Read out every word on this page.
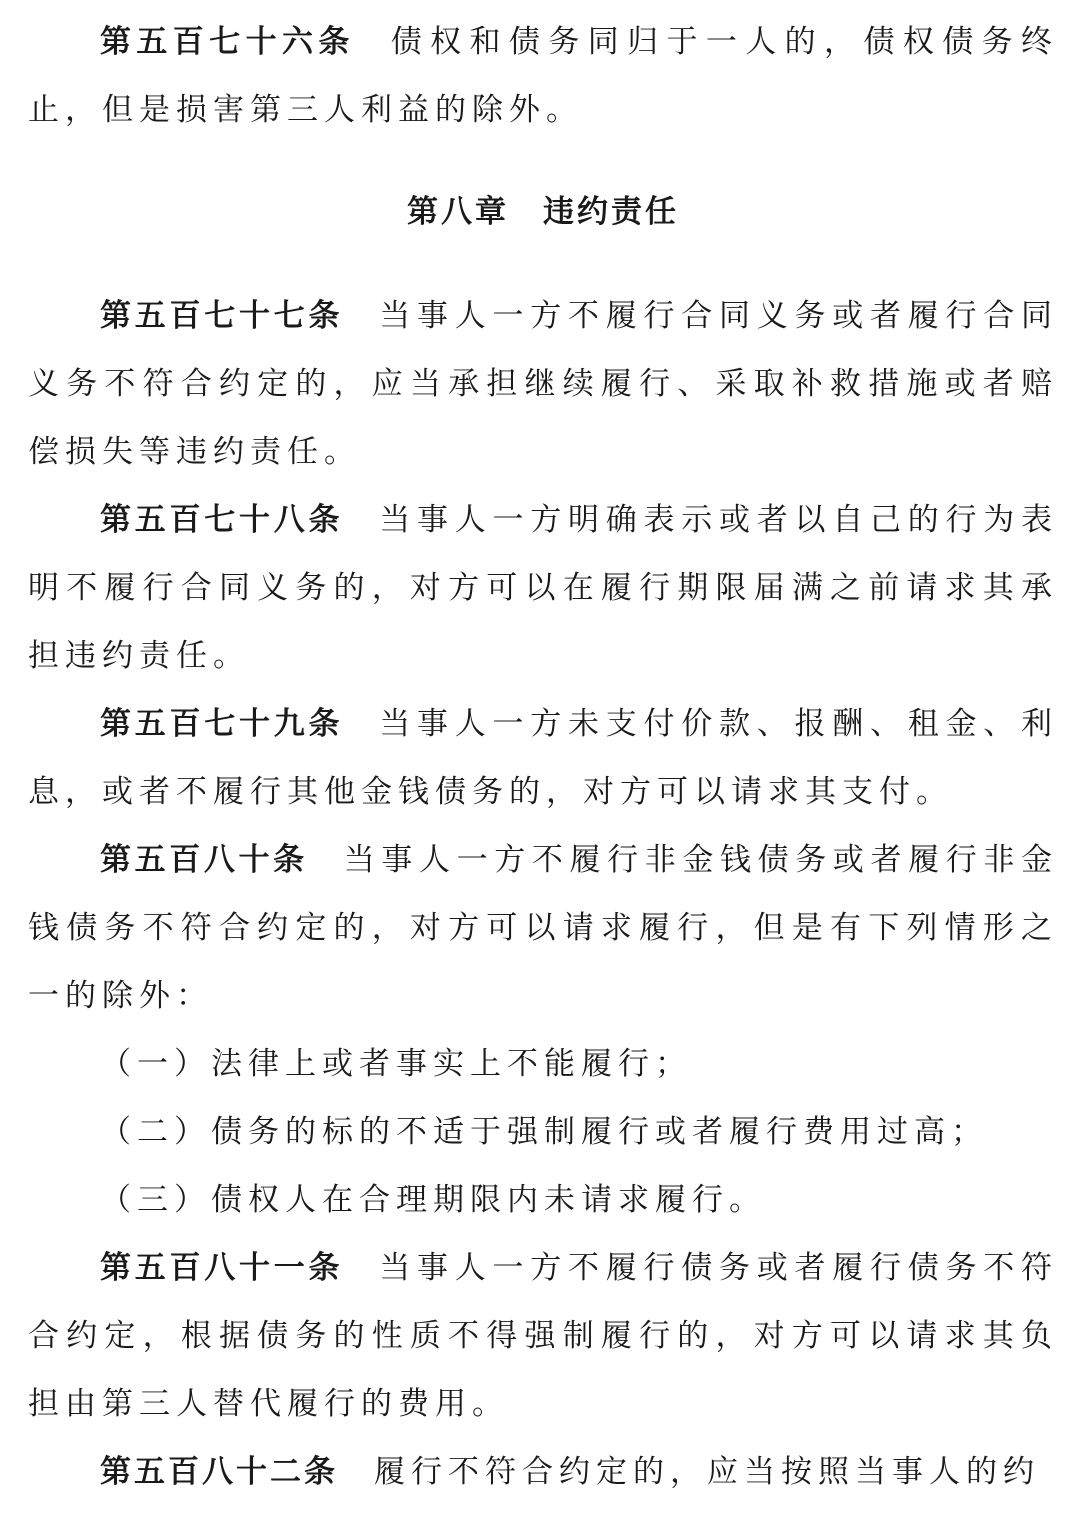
第五百七十六条 债权和债务同归于一人的，债权债务终止，但是损害第三人利益的除外。

第八章 违约责任

第五百七十七条 当事人一方不履行合同义务或者履行合同义务不符合约定的，应当承担继续履行、采取补救措施或者赔偿损失等违约责任。

第五百七十八条 当事人一方明确表示或者以自己的行为表明不履行合同义务的，对方可以在履行期限届满之前请求其承担违约责任。

第五百七十九条 当事人一方未支付价款、报酬、租金、利息，或者不履行其他金钱债务的，对方可以请求其支付。

第五百八十条 当事人一方不履行非金钱债务或者履行非金钱债务不符合约定的，对方可以请求履行，但是有下列情形之一的除外：

（一）法律上或者事实上不能履行；

（二）债务的标的不适于强制履行或者履行费用过高；

（三）债权人在合理期限内未请求履行。

第五百八十一条 当事人一方不履行债务或者履行债务不符合约定，根据债务的性质不得强制履行的，对方可以请求其负担由第三人替代履行的费用。

第五百八十二条 履行不符合约定的，应当按照当事人的约
